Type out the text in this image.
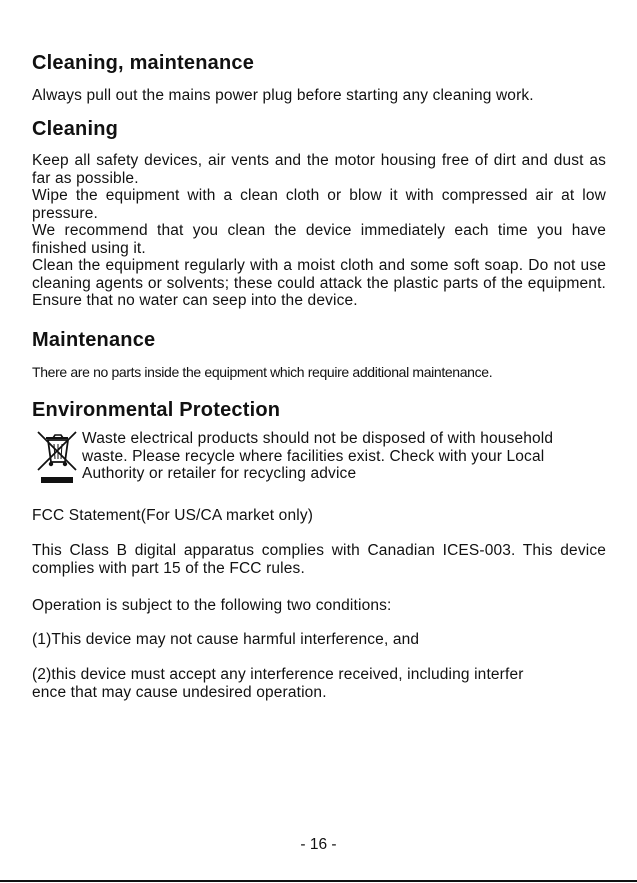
Cleaning, maintenance

Always pull out the mains power plug before starting any cleaning work.

Cleaning

Keep all safety devices, air vents and the motor housing free of dirt and dust as far as possible.

Wipe the equipment with a clean cloth or blow it with compressed air at low pressure.

We recommend that you clean the device immediately each time you have finished using it.

Clean the equipment regularly with a moist cloth and some soft soap. Do not use cleaning agents or solvents; these could attack the plastic parts of the equipment. Ensure that no water can seep into the device.

Maintenance

There are no parts inside the equipment which require additional maintenance.

Environmental Protection

Waste electrical products should not be disposed of with household

waste. Please recycle where facilities exist. Check with your Local

Authority or retailer for recycling advice

FCC Statement(For US/CA market only)

This Class B digital apparatus complies with Canadian ICES-003. This device complies with part 15 of the FCC rules.

Operation is subject to the following two conditions:

(1)This device may not cause harmful interference, and

(2)this device must accept any interference received, including interfer

ence that may cause undesired operation.

- 16 -
